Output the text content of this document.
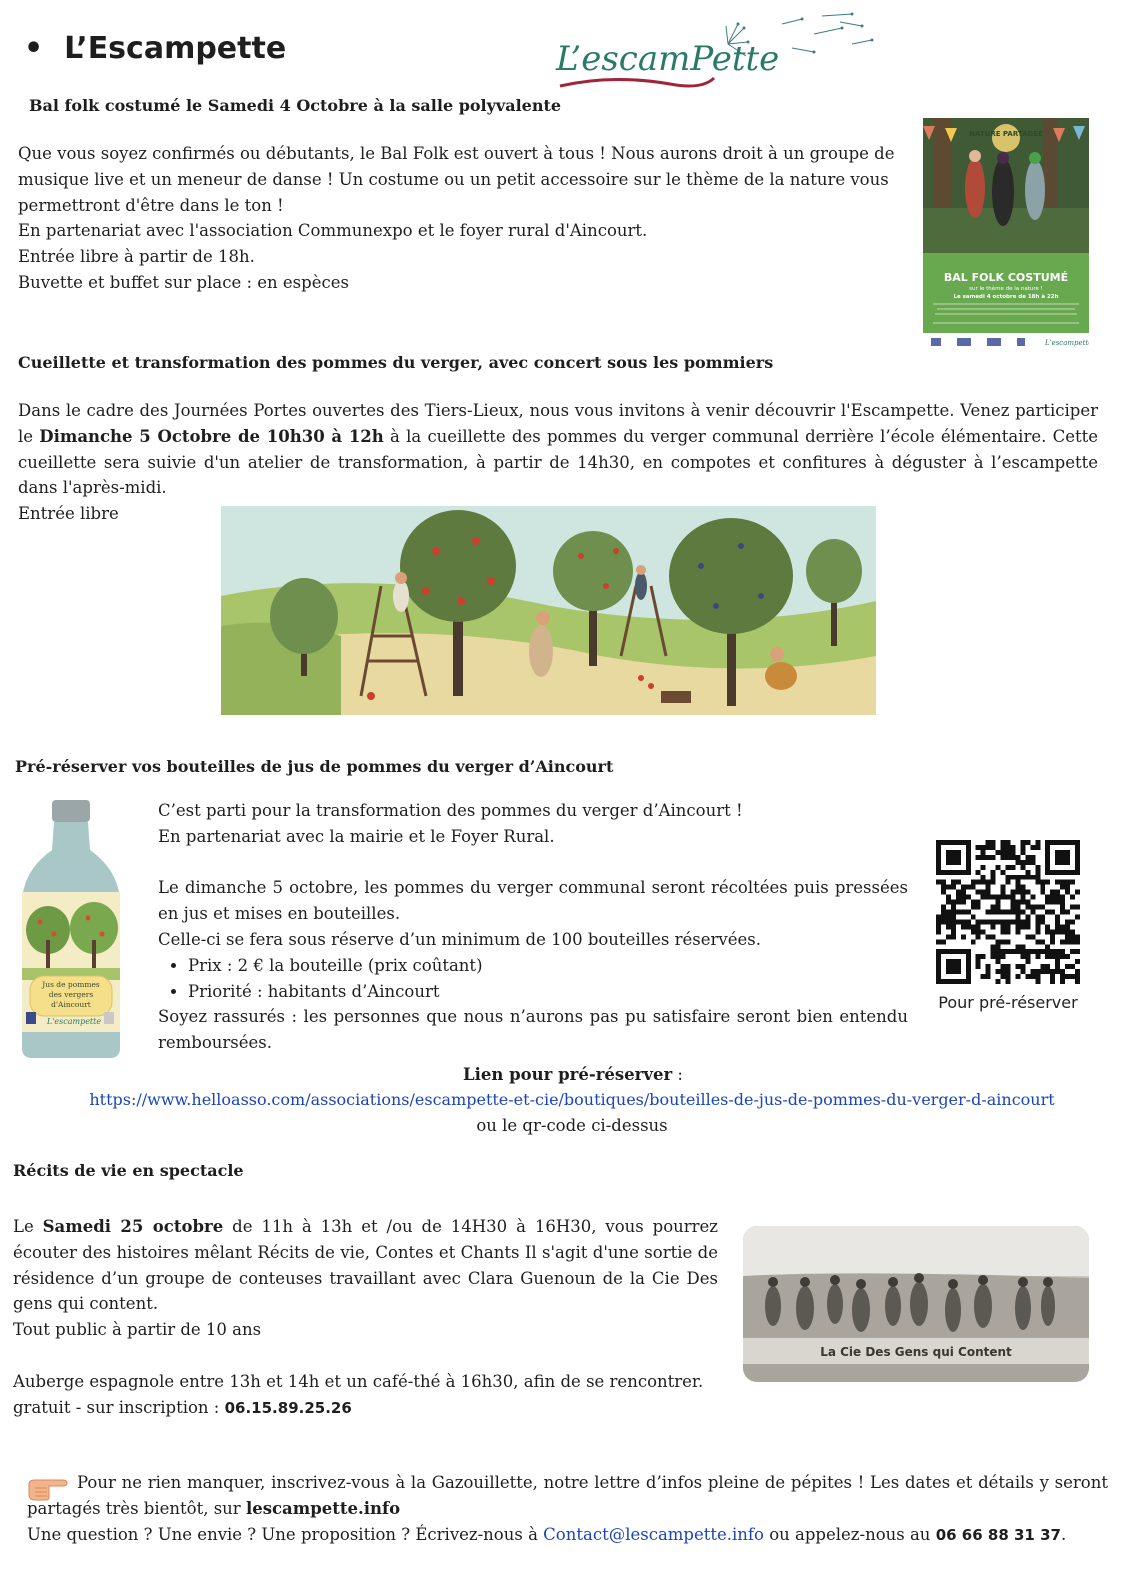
•  L’Escampette	L’escamPette

Bal folk costumé le Samedi 4 Octobre à la salle polyvalente

Que vous soyez confirmés ou débutants, le Bal Folk est ouvert à tous ! Nous aurons droit à un groupe de

musique live et un meneur de danse ! Un costume ou un petit accessoire sur le thème de la nature vous

permettront d'être dans le ton !

En partenariat avec l'association Communexpo et le foyer rural d'Aincourt.

Entrée libre à partir de 18h.

Buvette et buffet sur place : en espèces

NATURE PARTAGÉE
BAL FOLK COSTUMÉ
sur le thème de la nature !
Le samedi 4 octobre de 18h à 22h
L'escampette

Cueillette et transformation des pommes du verger, avec concert sous les pommiers

Dans le cadre des Journées Portes ouvertes des Tiers-Lieux, nous vous invitons à venir découvrir l'Escampette. Venez participer le Dimanche 5 Octobre de 10h30 à 12h à la cueillette des pommes du verger communal derrière l’école élémentaire. Cette cueillette sera suivie d'un atelier de transformation, à partir de 14h30, en compotes et confitures à déguster à l’escampette dans l'après-midi.
Entrée libre

Pré-réserver vos bouteilles de jus de pommes du verger d’Aincourt

Jus de pommes
des vergers
d'Aincourt
L'escampette

C’est parti pour la transformation des pommes du verger d’Aincourt !

En partenariat avec la mairie et le Foyer Rural.

Le dimanche 5 octobre, les pommes du verger communal seront récoltées puis pressées en jus et mises en bouteilles.

Celle-ci se fera sous réserve d’un minimum de 100 bouteilles réservées.

• Prix : 2 € la bouteille (prix coûtant)
• Priorité : habitants d’Aincourt

Soyez rassurés : les personnes que nous n’aurons pas pu satisfaire seront bien entendu remboursées.

Pour pré-réserver

Lien pour pré-réserver :

https://www.helloasso.com/associations/escampette-et-cie/boutiques/bouteilles-de-jus-de-pommes-du-verger-d-aincourt

ou le qr-code ci-dessus

Récits de vie en spectacle

Le Samedi 25 octobre de 11h à 13h et /ou de 14H30 à 16H30, vous pourrez écouter des histoires mêlant Récits de vie, Contes et Chants Il s'agit d'une sortie de résidence d’un groupe de conteuses travaillant avec Clara Guenoun de la Cie Des gens qui content.

Tout public à partir de 10 ans

Auberge espagnole entre 13h et 14h et un café-thé à 16h30, afin de se rencontrer.

gratuit - sur inscription : 06.15.89.25.26

La Cie Des Gens qui Content

Pour ne rien manquer, inscrivez-vous à la Gazouillette, notre lettre d’infos pleine de pépites ! Les dates et détails y seront partagés très bientôt, sur lescampette.info

Une question ? Une envie ? Une proposition ? Écrivez-nous à Contact@lescampette.info ou appelez-nous au 06 66 88 31 37.
